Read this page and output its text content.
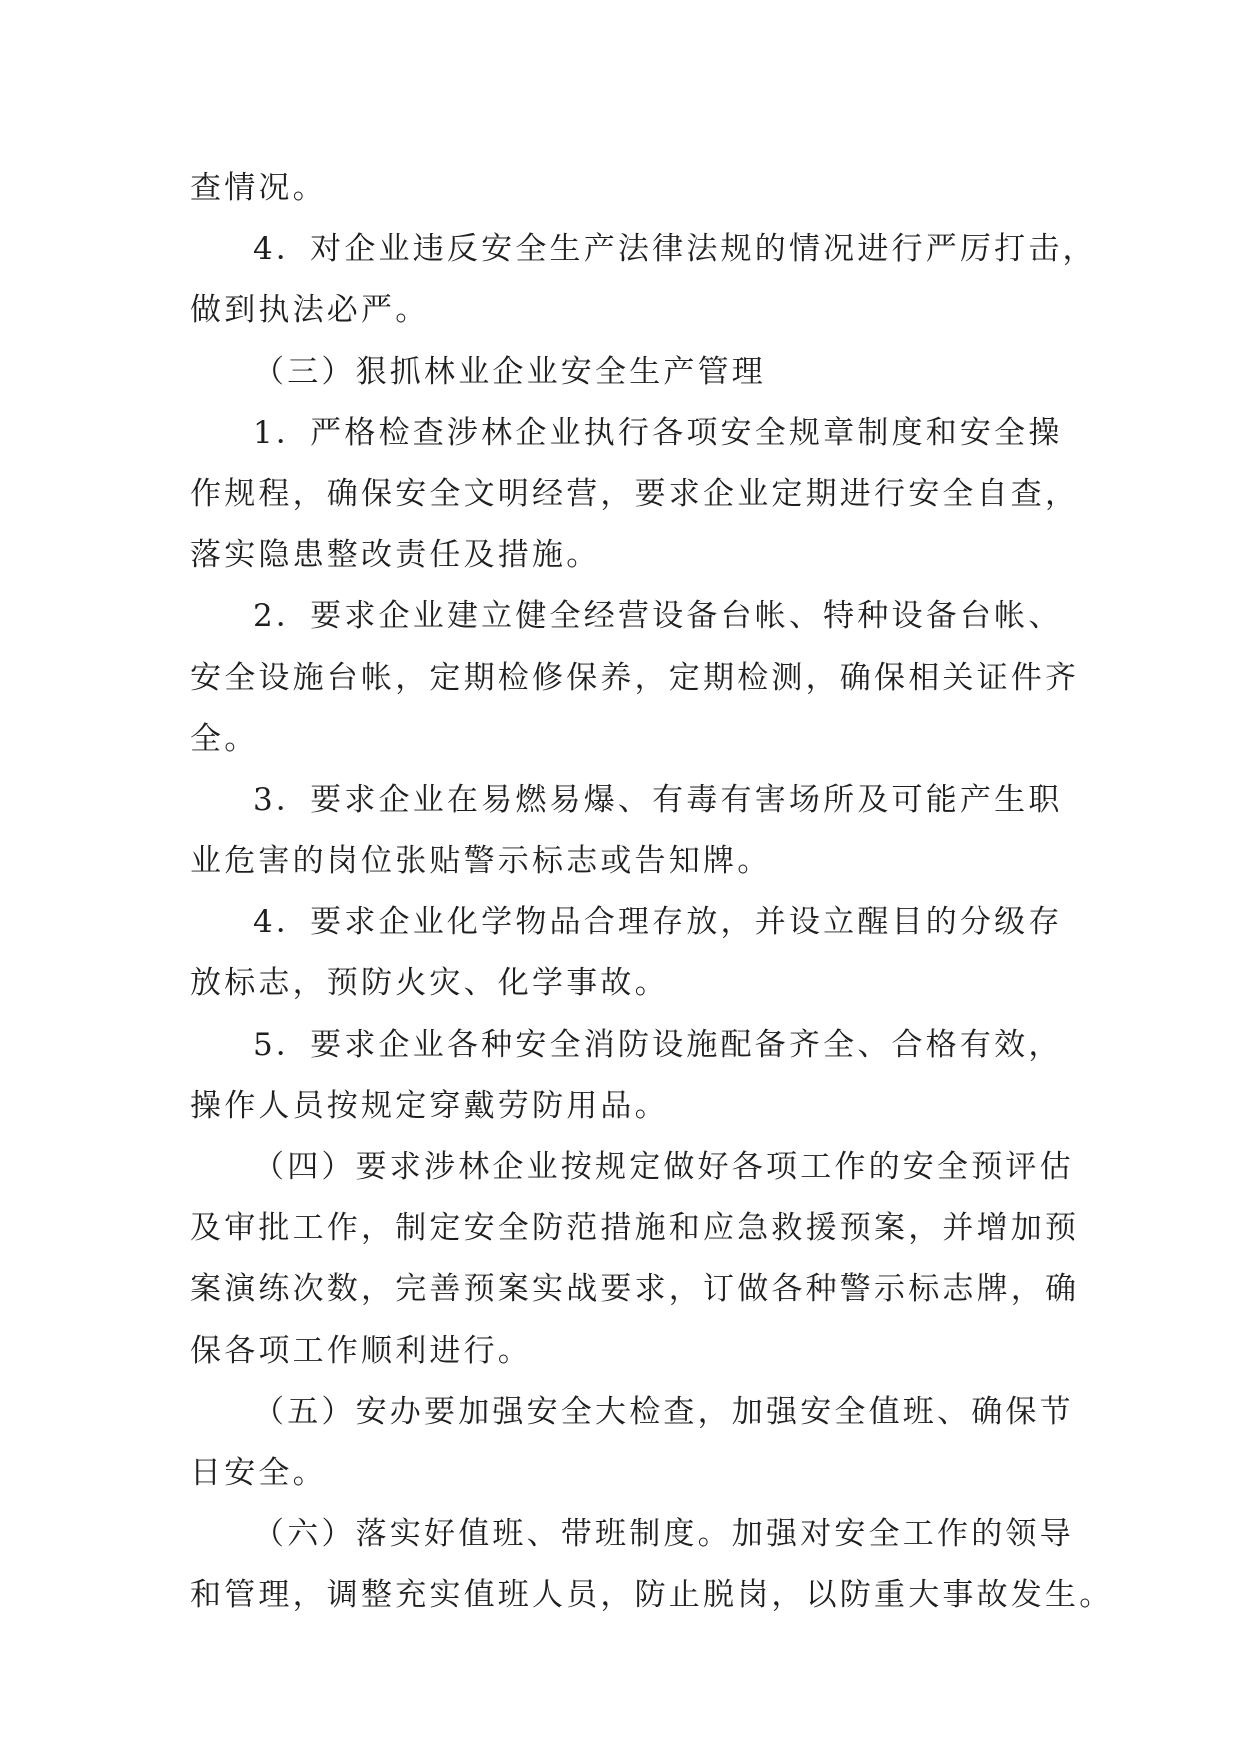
查情况。
4．对企业违反安全生产法律法规的情况进行严厉打击，
做到执法必严。
（三）狠抓林业企业安全生产管理
1．严格检查涉林企业执行各项安全规章制度和安全操
作规程，确保安全文明经营，要求企业定期进行安全自查，
落实隐患整改责任及措施。
2．要求企业建立健全经营设备台帐、特种设备台帐、
安全设施台帐，定期检修保养，定期检测，确保相关证件齐
全。
3．要求企业在易燃易爆、有毒有害场所及可能产生职
业危害的岗位张贴警示标志或告知牌。
4．要求企业化学物品合理存放，并设立醒目的分级存
放标志，预防火灾、化学事故。
5．要求企业各种安全消防设施配备齐全、合格有效，
操作人员按规定穿戴劳防用品。
（四）要求涉林企业按规定做好各项工作的安全预评估
及审批工作，制定安全防范措施和应急救援预案，并增加预
案演练次数，完善预案实战要求，订做各种警示标志牌，确
保各项工作顺利进行。
（五）安办要加强安全大检查，加强安全值班、确保节
日安全。
（六）落实好值班、带班制度。加强对安全工作的领导
和管理，调整充实值班人员，防止脱岗，以防重大事故发生。
